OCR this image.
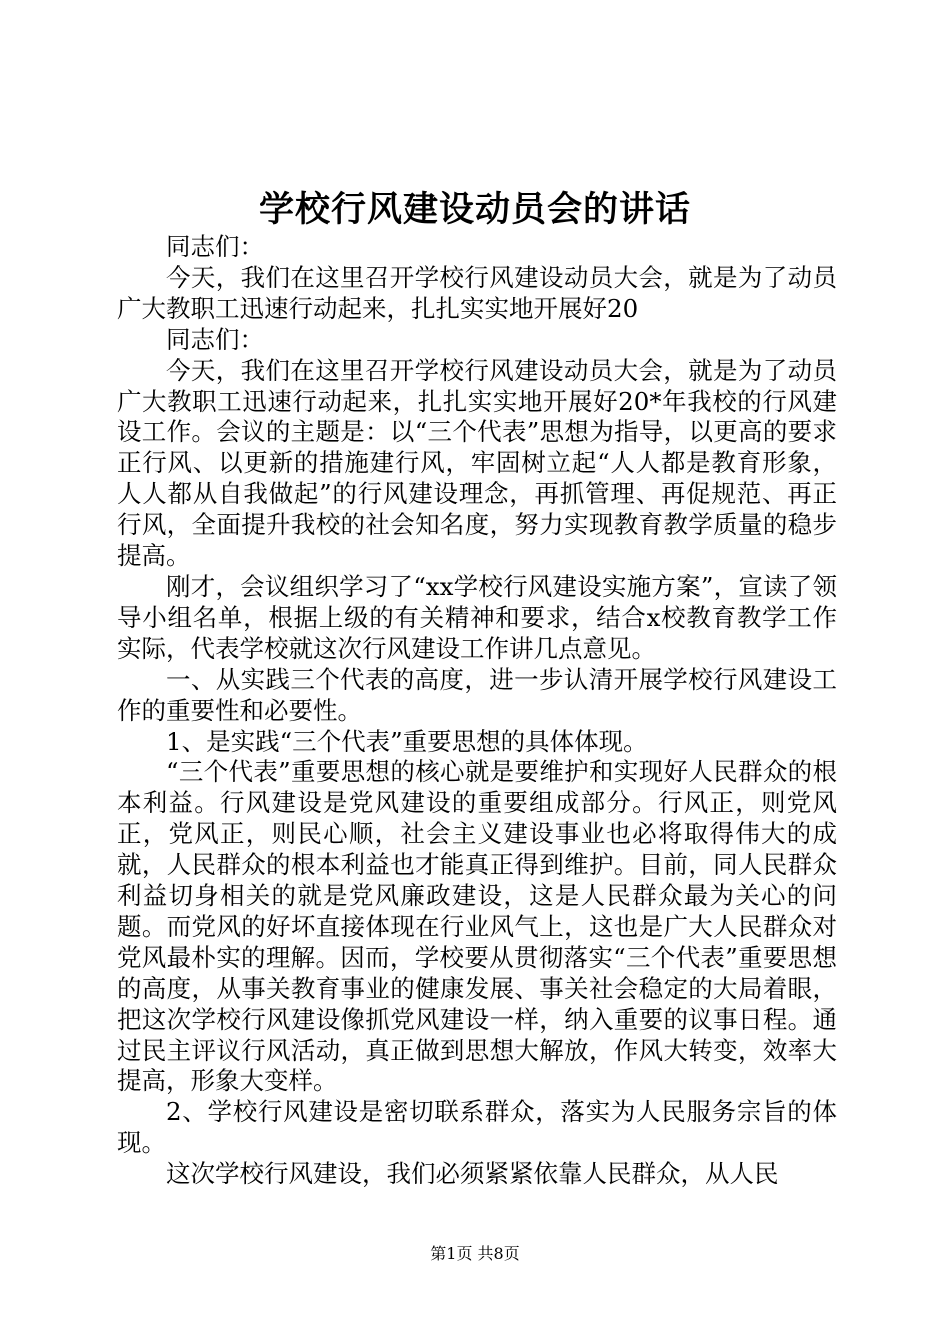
学校行风建设动员会的讲话

同志们：

今天，我们在这里召开学校行风建设动员大会，就是为了动员广大教职工迅速行动起来，扎扎实实地开展好20

同志们：

今天，我们在这里召开学校行风建设动员大会，就是为了动员广大教职工迅速行动起来，扎扎实实地开展好20*年我校的行风建设工作。会议的主题是：以“三个代表”思想为指导，以更高的要求正行风、以更新的措施建行风，牢固树立起“人人都是教育形象，人人都从自我做起”的行风建设理念，再抓管理、再促规范、再正行风，全面提升我校的社会知名度，努力实现教育教学质量的稳步提高。

刚才，会议组织学习了“xx学校行风建设实施方案”，宣读了领导小组名单，根据上级的有关精神和要求，结合x校教育教学工作实际，代表学校就这次行风建设工作讲几点意见。

一、从实践三个代表的高度，进一步认清开展学校行风建设工作的重要性和必要性。

1、是实践“三个代表”重要思想的具体体现。

“三个代表”重要思想的核心就是要维护和实现好人民群众的根本利益。行风建设是党风建设的重要组成部分。行风正，则党风正，党风正，则民心顺，社会主义建设事业也必将取得伟大的成就，人民群众的根本利益也才能真正得到维护。目前，同人民群众利益切身相关的就是党风廉政建设，这是人民群众最为关心的问题。而党风的好坏直接体现在行业风气上，这也是广大人民群众对党风最朴实的理解。因而，学校要从贯彻落实“三个代表”重要思想的高度，从事关教育事业的健康发展、事关社会稳定的大局着眼，把这次学校行风建设像抓党风建设一样，纳入重要的议事日程。通过民主评议行风活动，真正做到思想大解放，作风大转变，效率大提高，形象大变样。

2、学校行风建设是密切联系群众，落实为人民服务宗旨的体现。

这次学校行风建设，我们必须紧紧依靠人民群众，从人民

第1页 共8页
